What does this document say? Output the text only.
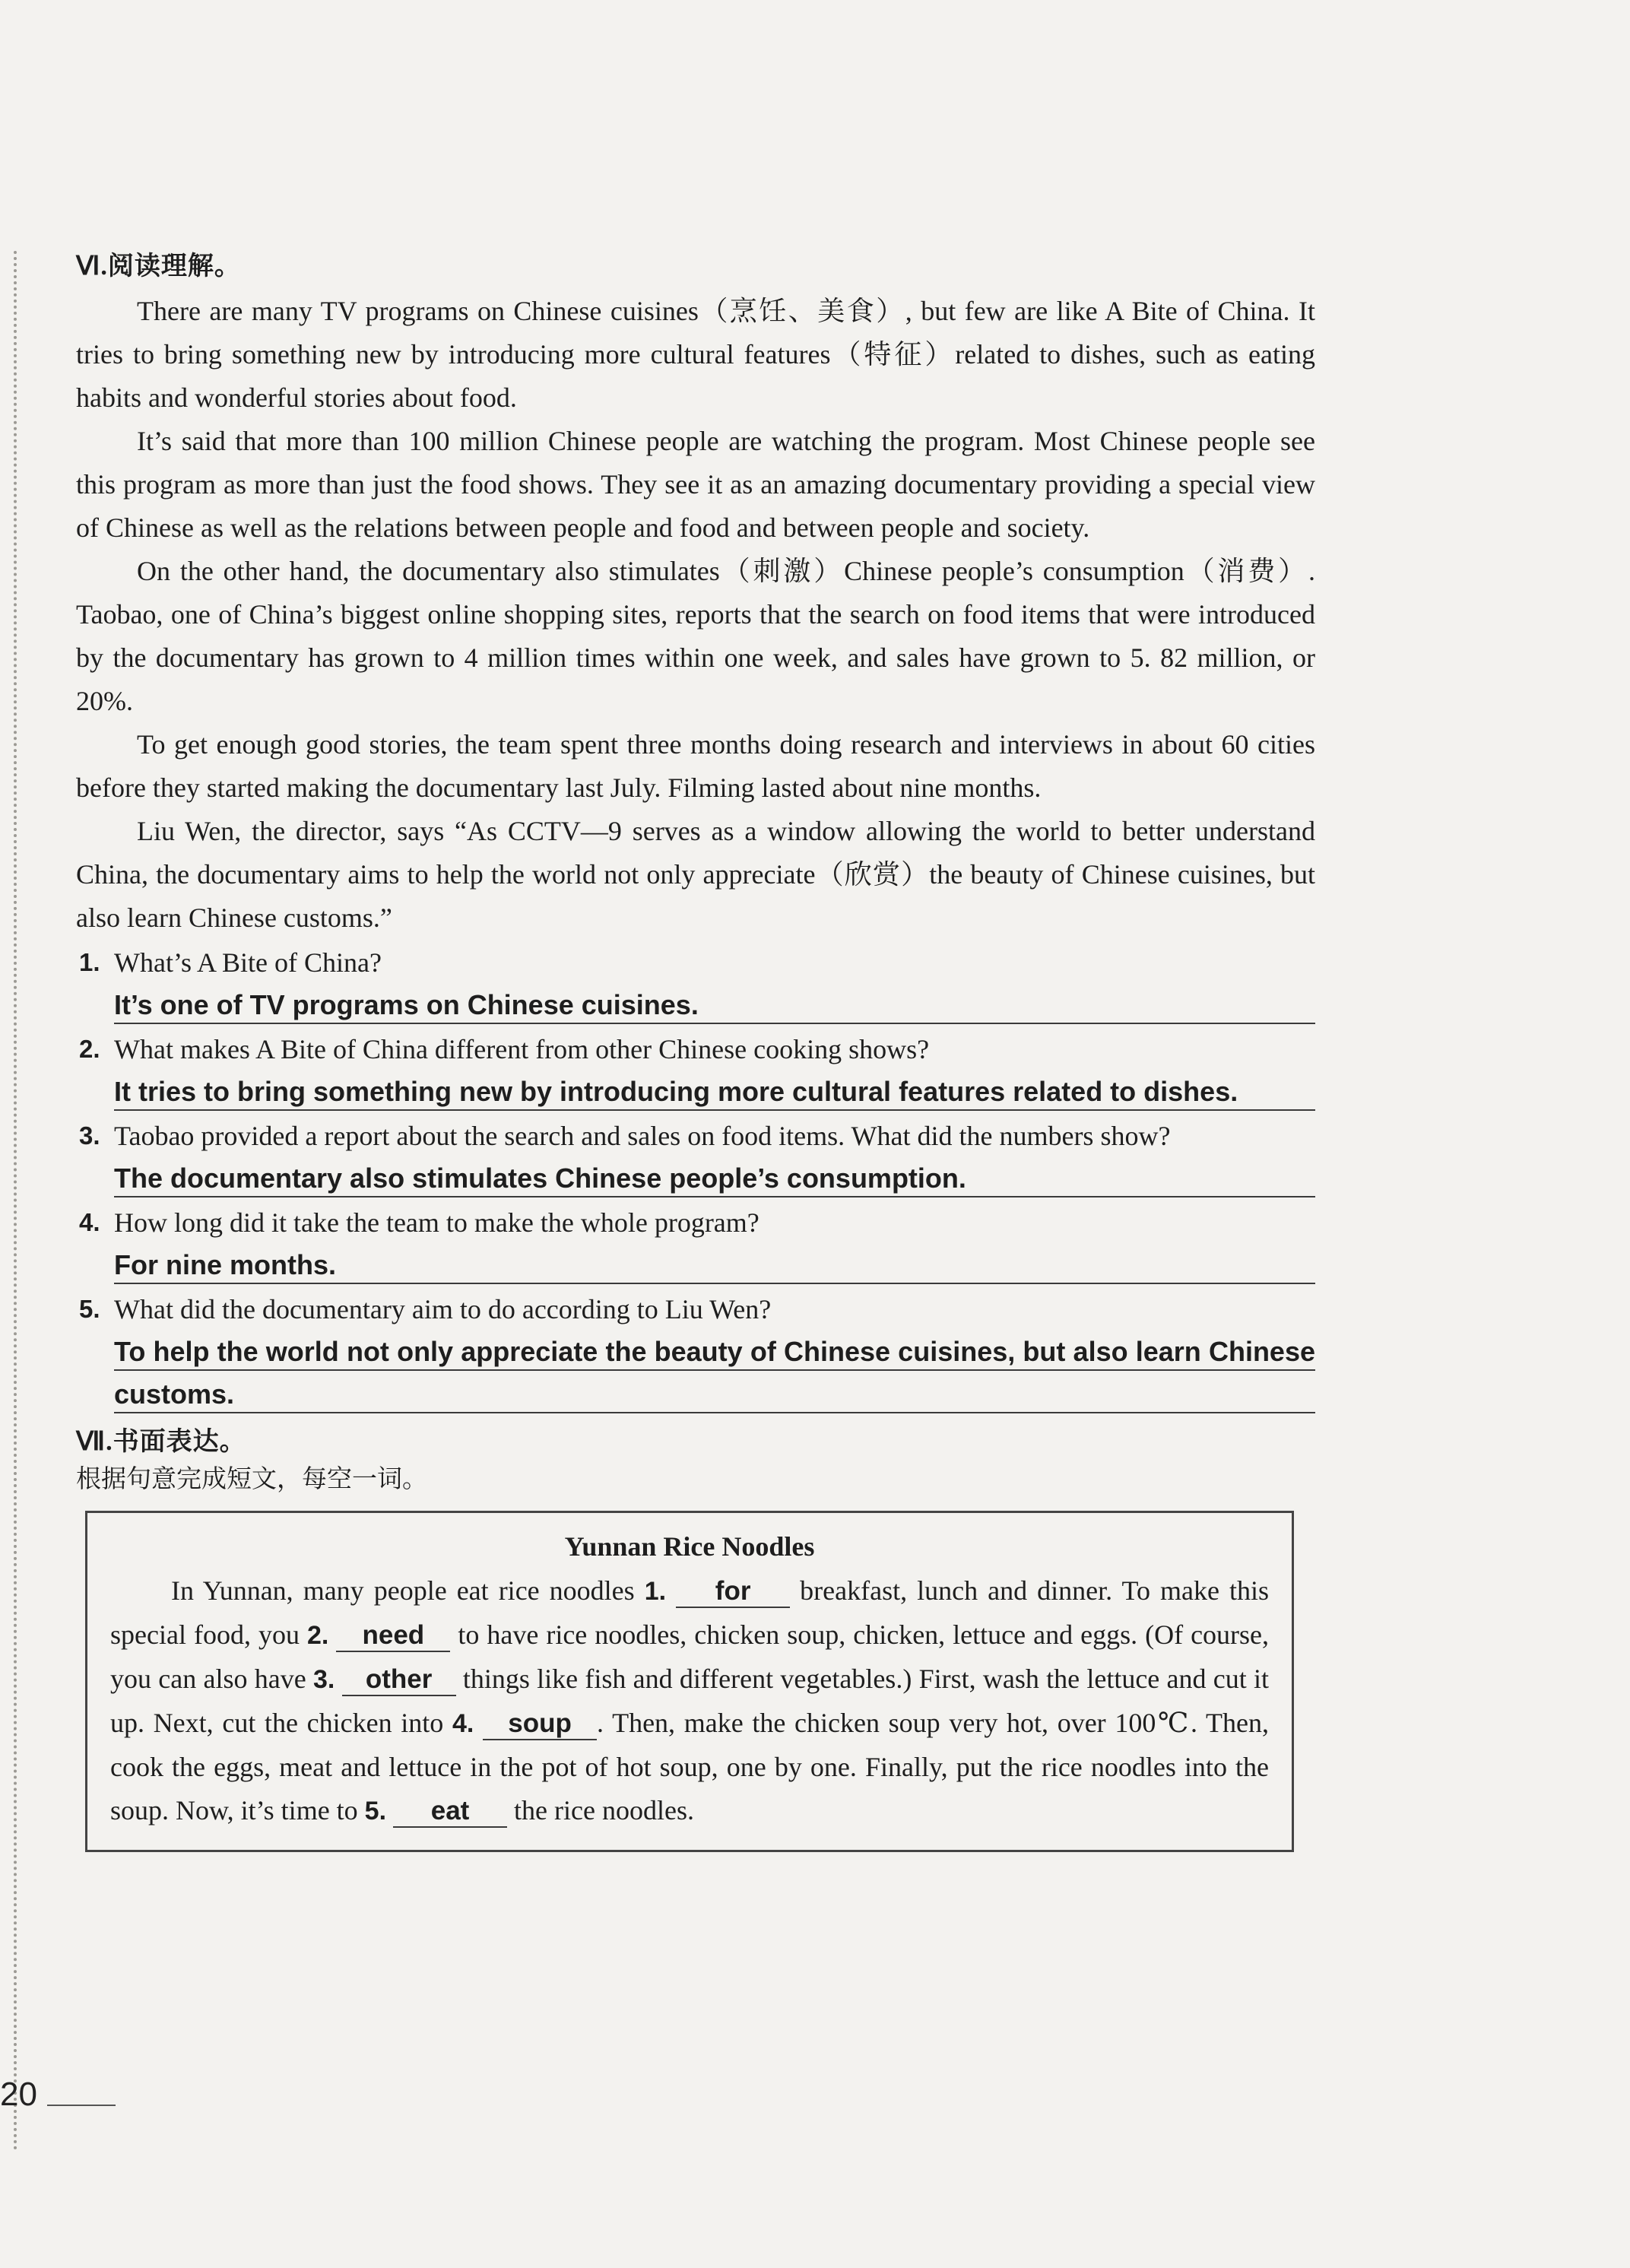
Ⅵ.阅读理解。

There are many TV programs on Chinese cuisines（烹饪、美食）, but few are like A Bite of China. It tries to bring something new by introducing more cultural features（特征）related to dishes, such as eating habits and wonderful stories about food.

It’s said that more than 100 million Chinese people are watching the program. Most Chinese people see this program as more than just the food shows. They see it as an amazing documentary providing a special view of Chinese as well as the relations between people and food and between people and society.

On the other hand, the documentary also stimulates（刺激）Chinese people’s consumption（消费）. Taobao, one of China’s biggest online shopping sites, reports that the search on food items that were introduced by the documentary has grown to 4 million times within one week, and sales have grown to 5. 82 million, or 20%.

To get enough good stories, the team spent three months doing research and interviews in about 60 cities before they started making the documentary last July. Filming lasted about nine months.

Liu Wen, the director, says “As CCTV—9 serves as a window allowing the world to better understand China, the documentary aims to help the world not only appreciate（欣赏）the beauty of Chinese cuisines, but also learn Chinese customs.”

1. What’s A Bite of China?
It’s one of TV programs on Chinese cuisines.
2. What makes A Bite of China different from other Chinese cooking shows?
It tries to bring something new by introducing more cultural features related to dishes.
3. Taobao provided a report about the search and sales on food items. What did the numbers show?
The documentary also stimulates Chinese people’s consumption.
4. How long did it take the team to make the whole program?
For nine months.
5. What did the documentary aim to do according to Liu Wen?
To help the world not only appreciate the beauty of Chinese cuisines, but also learn Chinese customs.
Ⅶ.书面表达。

根据句意完成短文，每空一词。

Yunnan Rice Noodles

In Yunnan, many people eat rice noodles 1. for breakfast, lunch and dinner. To make this special food, you 2. need to have rice noodles, chicken soup, chicken, lettuce and eggs. (Of course, you can also have 3. other things like fish and different vegetables.) First, wash the lettuce and cut it up. Next, cut the chicken into 4. soup . Then, make the chicken soup very hot, over 100℃. Then, cook the eggs, meat and lettuce in the pot of hot soup, one by one. Finally, put the rice noodles into the soup. Now, it’s time to 5. eat the rice noodles.

20
